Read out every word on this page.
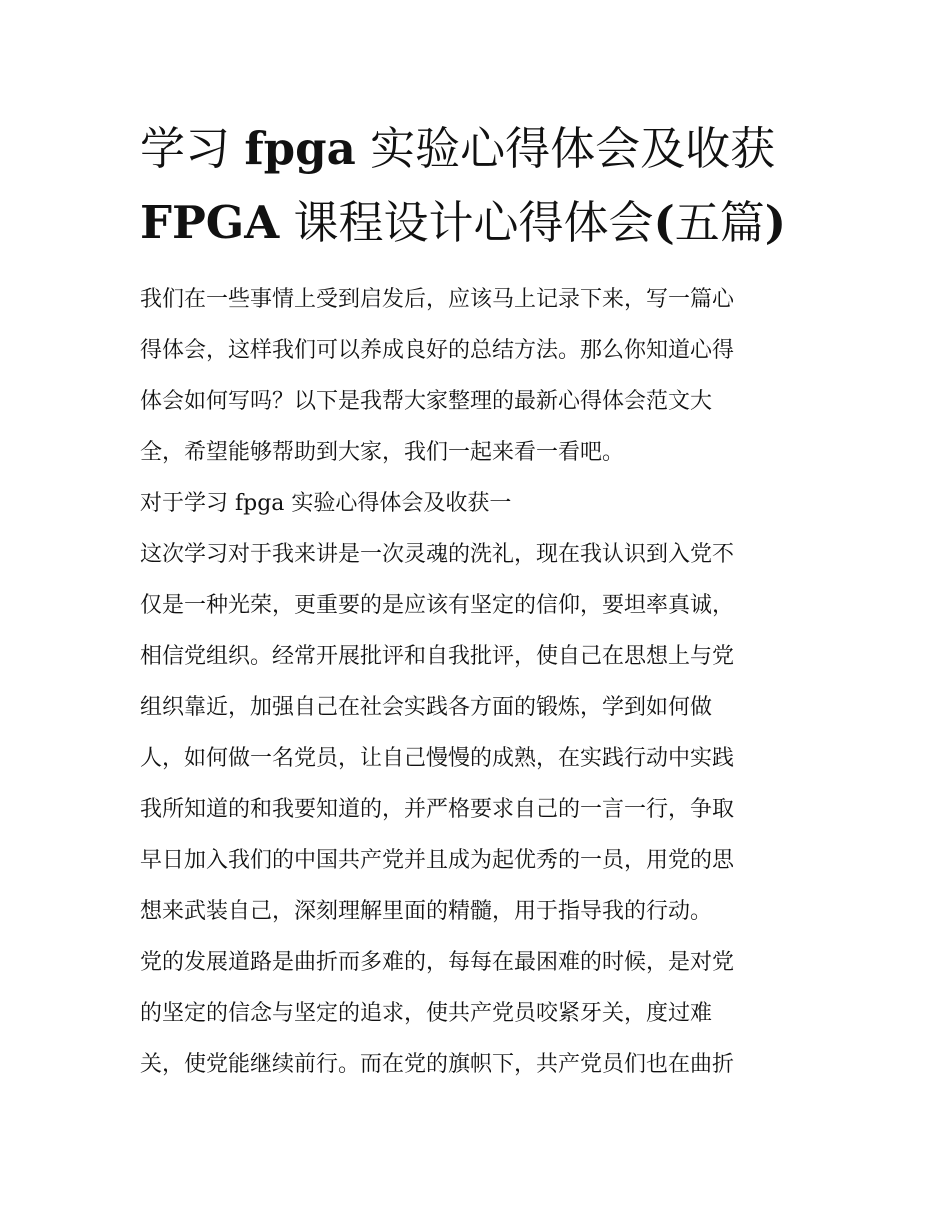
学习 fpga 实验心得体会及收获
FPGA 课程设计心得体会(五篇)
我们在一些事情上受到启发后，应该马上记录下来，写一篇心
得体会，这样我们可以养成良好的总结方法。那么你知道心得
体会如何写吗？以下是我帮大家整理的最新心得体会范文大
全，希望能够帮助到大家，我们一起来看一看吧。
对于学习 fpga 实验心得体会及收获一
这次学习对于我来讲是一次灵魂的洗礼，现在我认识到入党不
仅是一种光荣，更重要的是应该有坚定的信仰，要坦率真诚，
相信党组织。经常开展批评和自我批评，使自己在思想上与党
组织靠近，加强自己在社会实践各方面的锻炼，学到如何做
人，如何做一名党员，让自己慢慢的成熟，在实践行动中实践
我所知道的和我要知道的，并严格要求自己的一言一行，争取
早日加入我们的中国共产党并且成为起优秀的一员，用党的思
想来武装自己，深刻理解里面的精髓，用于指导我的行动。
党的发展道路是曲折而多难的，每每在最困难的时候，是对党
的坚定的信念与坚定的追求，使共产党员咬紧牙关，度过难
关，使党能继续前行。而在党的旗帜下，共产党员们也在曲折
